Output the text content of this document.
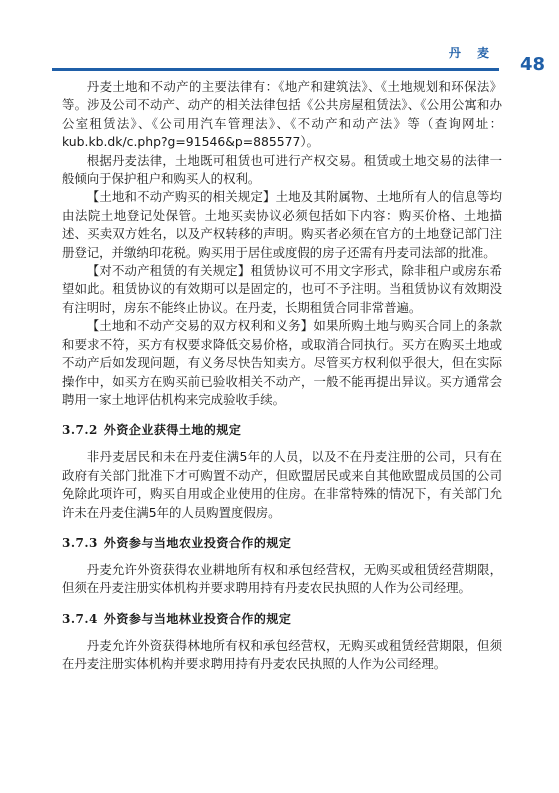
丹 麦
48

丹麦土地和不动产的主要法律有：《地产和建筑法》、《土地规划和环保法》等。涉及公司不动产、动产的相关法律包括《公共房屋租赁法》、《公用公寓和办公室租赁法》、《公司用汽车管理法》、《不动产和动产法》等（查询网址： kub.kb.dk/c.php?g=91546&p=885577）。

根据丹麦法律，土地既可租赁也可进行产权交易。租赁或土地交易的法律一般倾向于保护租户和购买人的权利。

【土地和不动产购买的相关规定】土地及其附属物、土地所有人的信息等均由法院土地登记处保管。土地买卖协议必须包括如下内容：购买价格、土地描述、买卖双方姓名，以及产权转移的声明。购买者必须在官方的土地登记部门注册登记，并缴纳印花税。购买用于居住或度假的房子还需有丹麦司法部的批准。

【对不动产租赁的有关规定】租赁协议可不用文字形式，除非租户或房东希望如此。租赁协议的有效期可以是固定的，也可不予注明。当租赁协议有效期没有注明时，房东不能终止协议。在丹麦，长期租赁合同非常普遍。

【土地和不动产交易的双方权利和义务】如果所购土地与购买合同上的条款和要求不符，买方有权要求降低交易价格，或取消合同执行。买方在购买土地或不动产后如发现问题，有义务尽快告知卖方。尽管买方权利似乎很大，但在实际操作中，如买方在购买前已验收相关不动产，一般不能再提出异议。买方通常会聘用一家土地评估机构来完成验收手续。

3.7.2 外资企业获得土地的规定

非丹麦居民和未在丹麦住满5年的人员，以及不在丹麦注册的公司，只有在政府有关部门批准下才可购置不动产，但欧盟居民或来自其他欧盟成员国的公司免除此项许可，购买自用或企业使用的住房。在非常特殊的情况下，有关部门允许未在丹麦住满5年的人员购置度假房。

3.7.3 外资参与当地农业投资合作的规定

丹麦允许外资获得农业耕地所有权和承包经营权，无购买或租赁经营期限，但须在丹麦注册实体机构并要求聘用持有丹麦农民执照的人作为公司经理。

3.7.4 外资参与当地林业投资合作的规定

丹麦允许外资获得林地所有权和承包经营权，无购买或租赁经营期限，但须在丹麦注册实体机构并要求聘用持有丹麦农民执照的人作为公司经理。
